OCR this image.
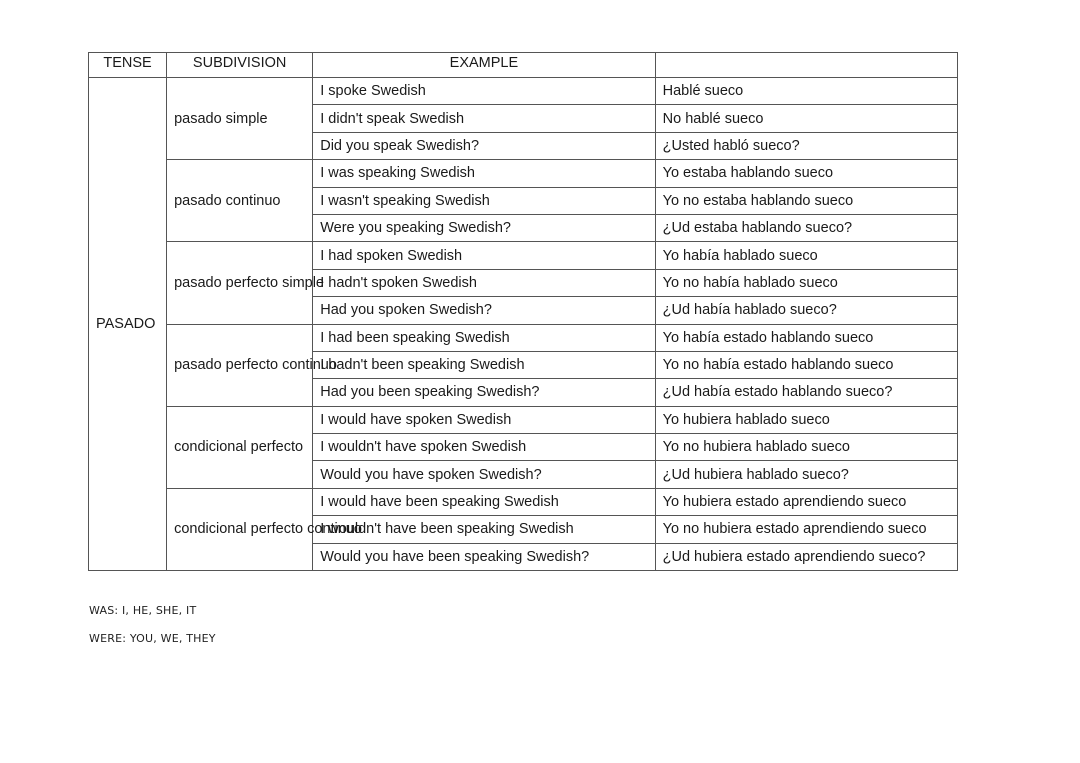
TENSE	SUBDIVISION	EXAMPLE	
PASADO	pasado simple	I spoke Swedish	Hablé sueco
		I didn't speak Swedish	No hablé sueco
		Did you speak Swedish?	¿Usted habló sueco?
	pasado continuo	I was speaking Swedish	Yo estaba hablando sueco
		I wasn't speaking Swedish	Yo no estaba hablando sueco
		Were you speaking Swedish?	¿Ud estaba hablando sueco?
	pasado perfecto simple	I had spoken Swedish	Yo había hablado sueco
		I hadn't spoken Swedish	Yo no había hablado sueco
		Had you spoken Swedish?	¿Ud había hablado sueco?
	pasado perfecto continuo	I had been speaking Swedish	Yo había estado hablando sueco
		I hadn't been speaking Swedish	Yo no había estado hablando sueco
		Had you been speaking Swedish?	¿Ud había estado hablando sueco?
	condicional perfecto	I would have spoken Swedish	Yo hubiera hablado sueco
		I wouldn't have spoken Swedish	Yo no hubiera hablado sueco
		Would you have spoken Swedish?	¿Ud hubiera hablado sueco?
	condicional perfecto continuo	I would have been speaking Swedish	Yo hubiera estado aprendiendo sueco
		I wouldn't have been speaking Swedish	Yo no hubiera estado aprendiendo sueco
		Would you have been speaking Swedish?	¿Ud hubiera estado aprendiendo sueco?
WAS: I, HE, SHE, IT
WERE: YOU, WE, THEY
